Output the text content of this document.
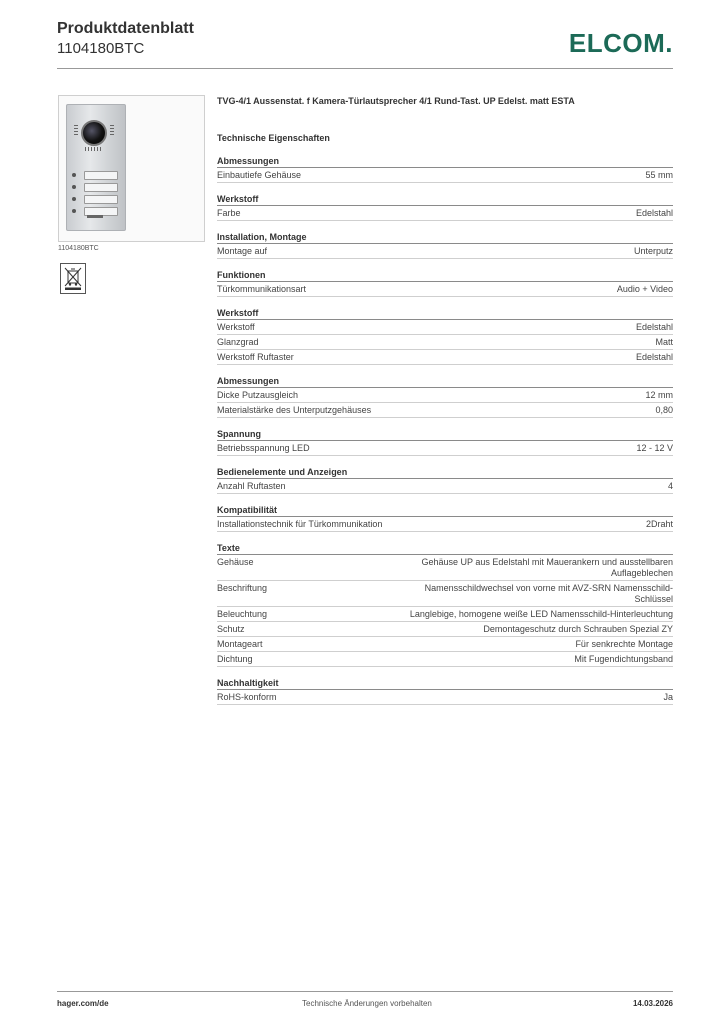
Produktdatenblatt
1104180BTC	ELCOM.
1104180BTC
TVG-4/1 Aussenstat. f Kamera-Türlautsprecher 4/1 Rund-Tast. UP Edelst. matt ESTA
Technische Eigenschaften
Abmessungen
Einbautiefe Gehäuse	55 mm
Werkstoff
Farbe	Edelstahl
Installation, Montage
Montage auf	Unterputz
Funktionen
Türkommunikationsart	Audio + Video
Werkstoff
Werkstoff	Edelstahl
Glanzgrad	Matt
Werkstoff Ruftaster	Edelstahl
Abmessungen
Dicke Putzausgleich	12 mm
Materialstärke des Unterputzgehäuses	0,80
Spannung
Betriebsspannung LED	12 - 12 V
Bedienelemente und Anzeigen
Anzahl Ruftasten	4
Kompatibilität
Installationstechnik für Türkommunikation	2Draht
Texte
Gehäuse	Gehäuse UP aus Edelstahl mit Mauerankern und ausstellbaren Auflageblechen
Beschriftung	Namensschildwechsel von vorne mit AVZ-SRN Namensschild-Schlüssel
Beleuchtung	Langlebige, homogene weiße LED Namensschild-Hinterleuchtung
Schutz	Demontageschutz durch Schrauben Spezial ZY
Montageart	Für senkrechte Montage
Dichtung	Mit Fugendichtungsband
Nachhaltigkeit
RoHS-konform	Ja
hager.com/de	Technische Änderungen vorbehalten	14.03.2026
